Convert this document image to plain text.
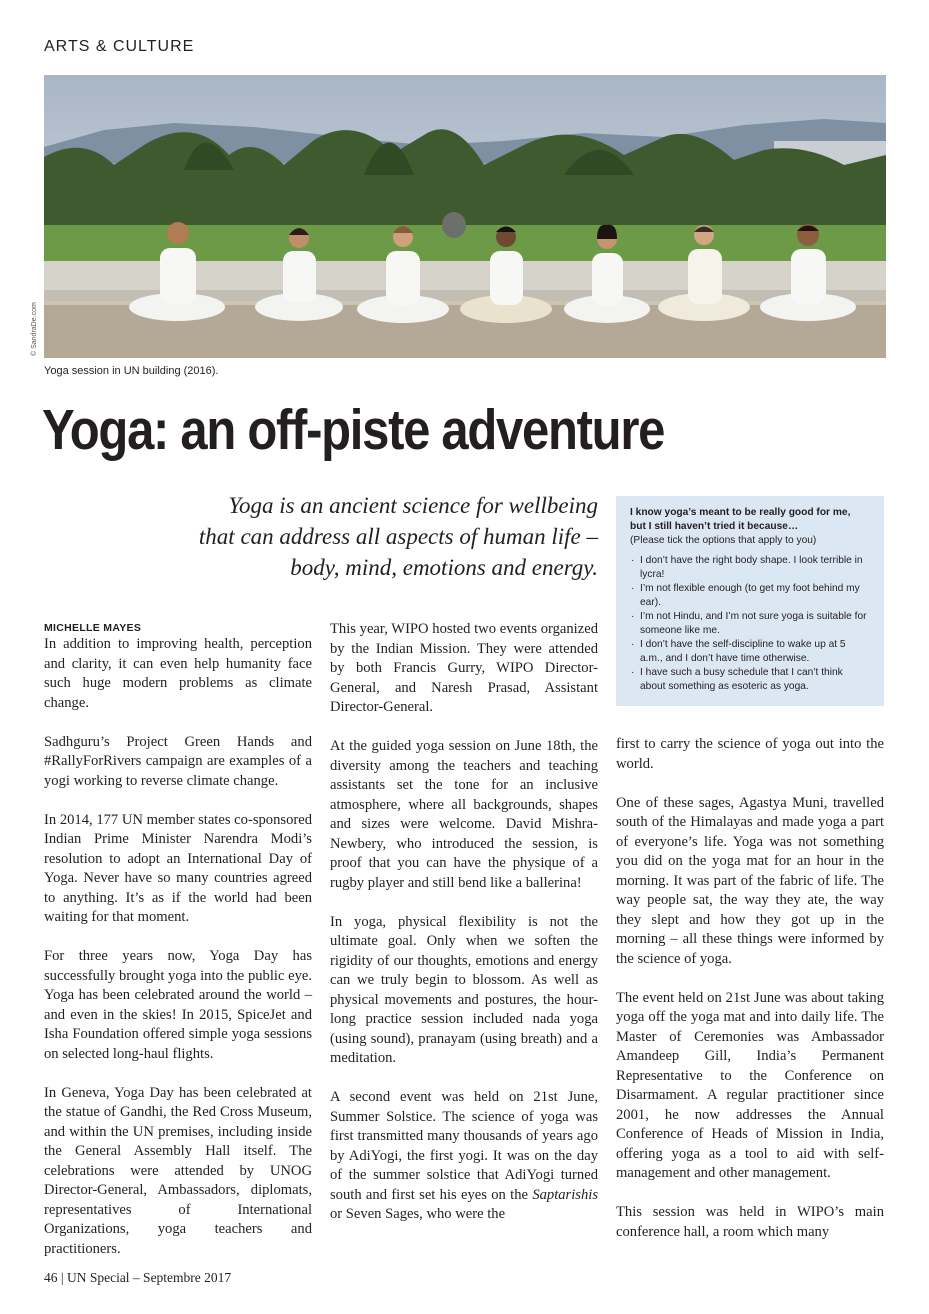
ARTS & CULTURE
© SandraDe.com
Yoga session in UN building (2016).
Yoga: an off-piste adventure
Yoga is an ancient science for wellbeing
that can address all aspects of human life –
body, mind, emotions and energy.
I know yoga’s meant to be really good for me,
but I still haven’t tried it because…
(Please tick the options that apply to you)
· I don’t have the right body shape. I look terrible in lycra!
· I’m not flexible enough (to get my foot behind my ear).
· I’m not Hindu, and I’m not sure yoga is suitable for someone like me.
· I don’t have the self-discipline to wake up at 5 a.m., and I don’t have time otherwise.
· I have such a busy schedule that I can’t think about something as esoteric as yoga.
MICHELLE MAYES

In addition to improving health, perception and clarity, it can even help humanity face such huge modern problems as climate change.

Sadhguru’s Project Green Hands and #RallyForRivers campaign are examples of a yogi working to reverse climate change.

In 2014, 177 UN member states co-sponsored Indian Prime Minister Narendra Modi’s resolution to adopt an International Day of Yoga. Never have so many countries agreed to anything. It’s as if the world had been waiting for that moment.

For three years now, Yoga Day has successfully brought yoga into the public eye. Yoga has been celebrated around the world – and even in the skies! In 2015, SpiceJet and Isha Foundation offered simple yoga sessions on selected long-haul flights.

In Geneva, Yoga Day has been celebrated at the statue of Gandhi, the Red Cross Museum, and within the UN premises, including inside the General Assembly Hall itself. The celebrations were attended by UNOG Director-General, Ambassadors, diplomats, representatives of International Organizations, yoga teachers and practitioners.

This year, WIPO hosted two events organized by the Indian Mission. They were attended by both Francis Gurry, WIPO Director-General, and Naresh Prasad, Assistant Director-General.

At the guided yoga session on June 18th, the diversity among the teachers and teaching assistants set the tone for an inclusive atmosphere, where all backgrounds, shapes and sizes were welcome. David Mishra-Newbery, who introduced the session, is proof that you can have the physique of a rugby player and still bend like a ballerina!

In yoga, physical flexibility is not the ultimate goal. Only when we soften the rigidity of our thoughts, emotions and energy can we truly begin to blossom. As well as physical movements and postures, the hour-long practice session included nada yoga (using sound), pranayam (using breath) and a meditation.

A second event was held on 21st June, Summer Solstice. The science of yoga was first transmitted many thousands of years ago by AdiYogi, the first yogi. It was on the day of the summer solstice that AdiYogi turned south and first set his eyes on the Saptarishis or Seven Sages, who were the

first to carry the science of yoga out into the world.

One of these sages, Agastya Muni, travelled south of the Himalayas and made yoga a part of everyone’s life. Yoga was not something you did on the yoga mat for an hour in the morning. It was part of the fabric of life. The way people sat, the way they ate, the way they slept and how they got up in the morning – all these things were informed by the science of yoga.

The event held on 21st June was about taking yoga off the yoga mat and into daily life. The Master of Ceremonies was Ambassador Amandeep Gill, India’s Permanent Representative to the Conference on Disarmament. A regular practitioner since 2001, he now addresses the Annual Conference of Heads of Mission in India, offering yoga as a tool to aid with self-management and other management.

This session was held in WIPO’s main conference hall, a room which many

46 | UN Special – Septembre 2017
